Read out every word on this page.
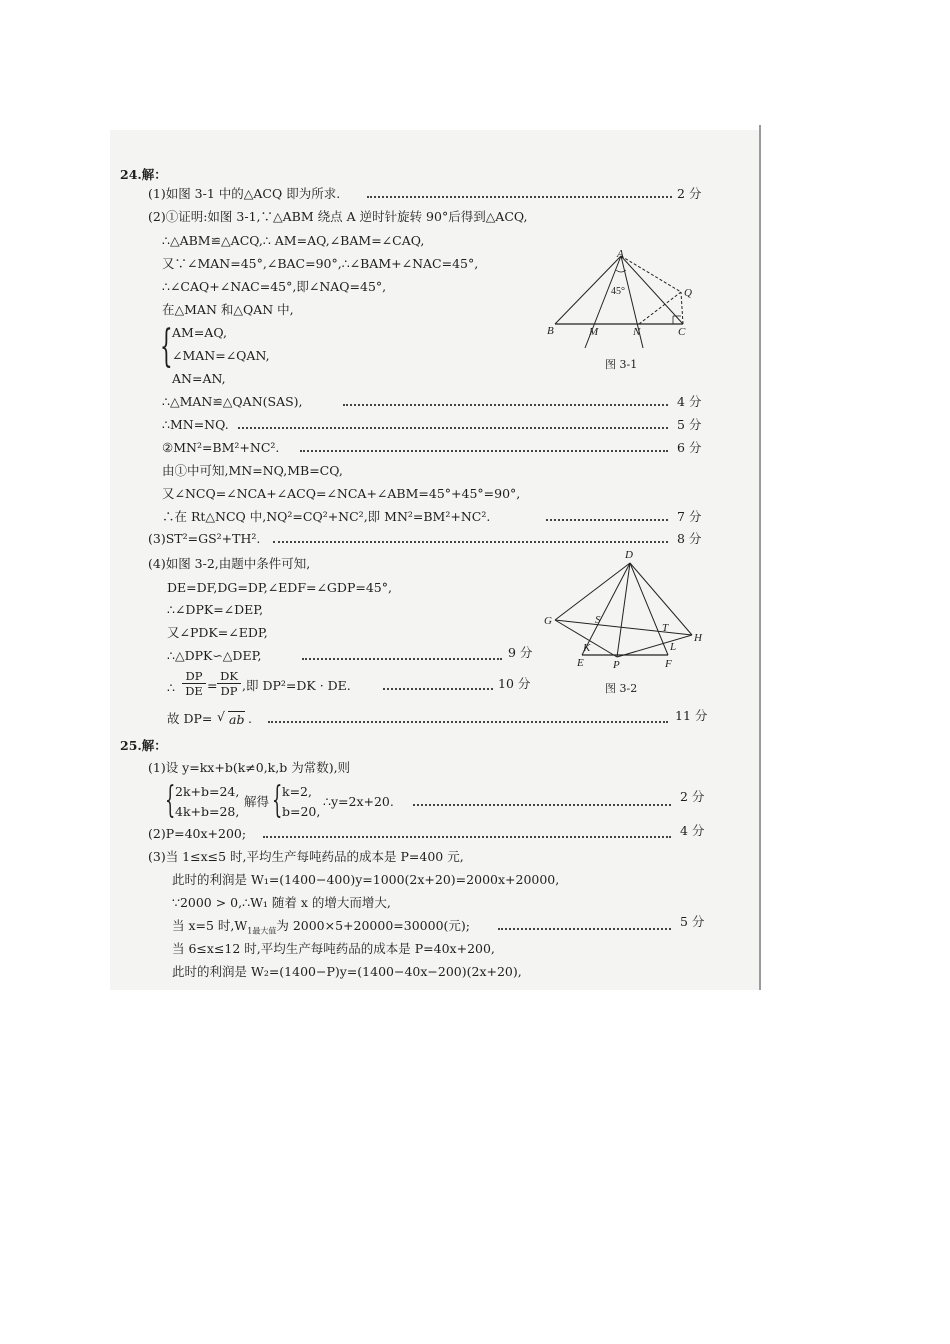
24.解：
(1)如图 3-1 中的△ACQ 即为所求.	2 分
(2)①证明:如图 3-1,∵△ABM 绕点 A 逆时针旋转 90°后得到△ACQ,
∴△ABM≌△ACQ,∴ AM=AQ,∠BAM=∠CAQ,
又∵∠MAN=45°,∠BAC=90°,∴∠BAM+∠NAC=45°,
∴∠CAQ+∠NAC=45°,即∠NAQ=45°,
在△MAN 和△QAN 中,
{ AM=AQ,
∠MAN=∠QAN,
AN=AN,
∴△MAN≌△QAN(SAS),	4 分
∴MN=NQ.	5 分
②MN²=BM²+NC².	6 分
由①中可知,MN=NQ,MB=CQ,
又∠NCQ=∠NCA+∠ACQ=∠NCA+∠ABM=45°+45°=90°,
∴在 Rt△NCQ 中,NQ²=CQ²+NC²,即 MN²=BM²+NC².	7 分
(3)ST²=GS²+TH².	8 分
(4)如图 3-2,由题中条件可知,
DE=DF,DG=DP,∠EDF=∠GDP=45°,
∴∠DPK=∠DEP,
又∠PDK=∠EDP,
∴△DPK∽△DEP,	9 分
∴
DP
DE =
DK
DP ,即 DP²=DK · DE.	10 分
故 DP= √ ab .	11 分
A
45°	Q
B	M	N	C
图 3-1
D
G	S
T
H
K	L
E	P	F
图 3-2
25.解：
(1)设 y=kx+b(k≠0,k,b 为常数),则
{ 2k+b=24,
4k+b=28,
解得 { k=2,
b=20,
∴y=2x+20.	2 分
(2)P=40x+200;	4 分
(3)当 1≤x≤5 时,平均生产每吨药品的成本是 P=400 元,
此时的利润是 W₁=(1400−400)y=1000(2x+20)=2000x+20000,
∵2000 > 0,∴W₁ 随着 x 的增大而增大,
当 x=5 时$,W_{1最大值}$为 2000×5+20000=30000(元);	5 分
当 6≤x≤12 时,平均生产每吨药品的成本是 P=40x+200,
此时的利润是 W₂=(1400−P)y=(1400−40x−200)(2x+20),
